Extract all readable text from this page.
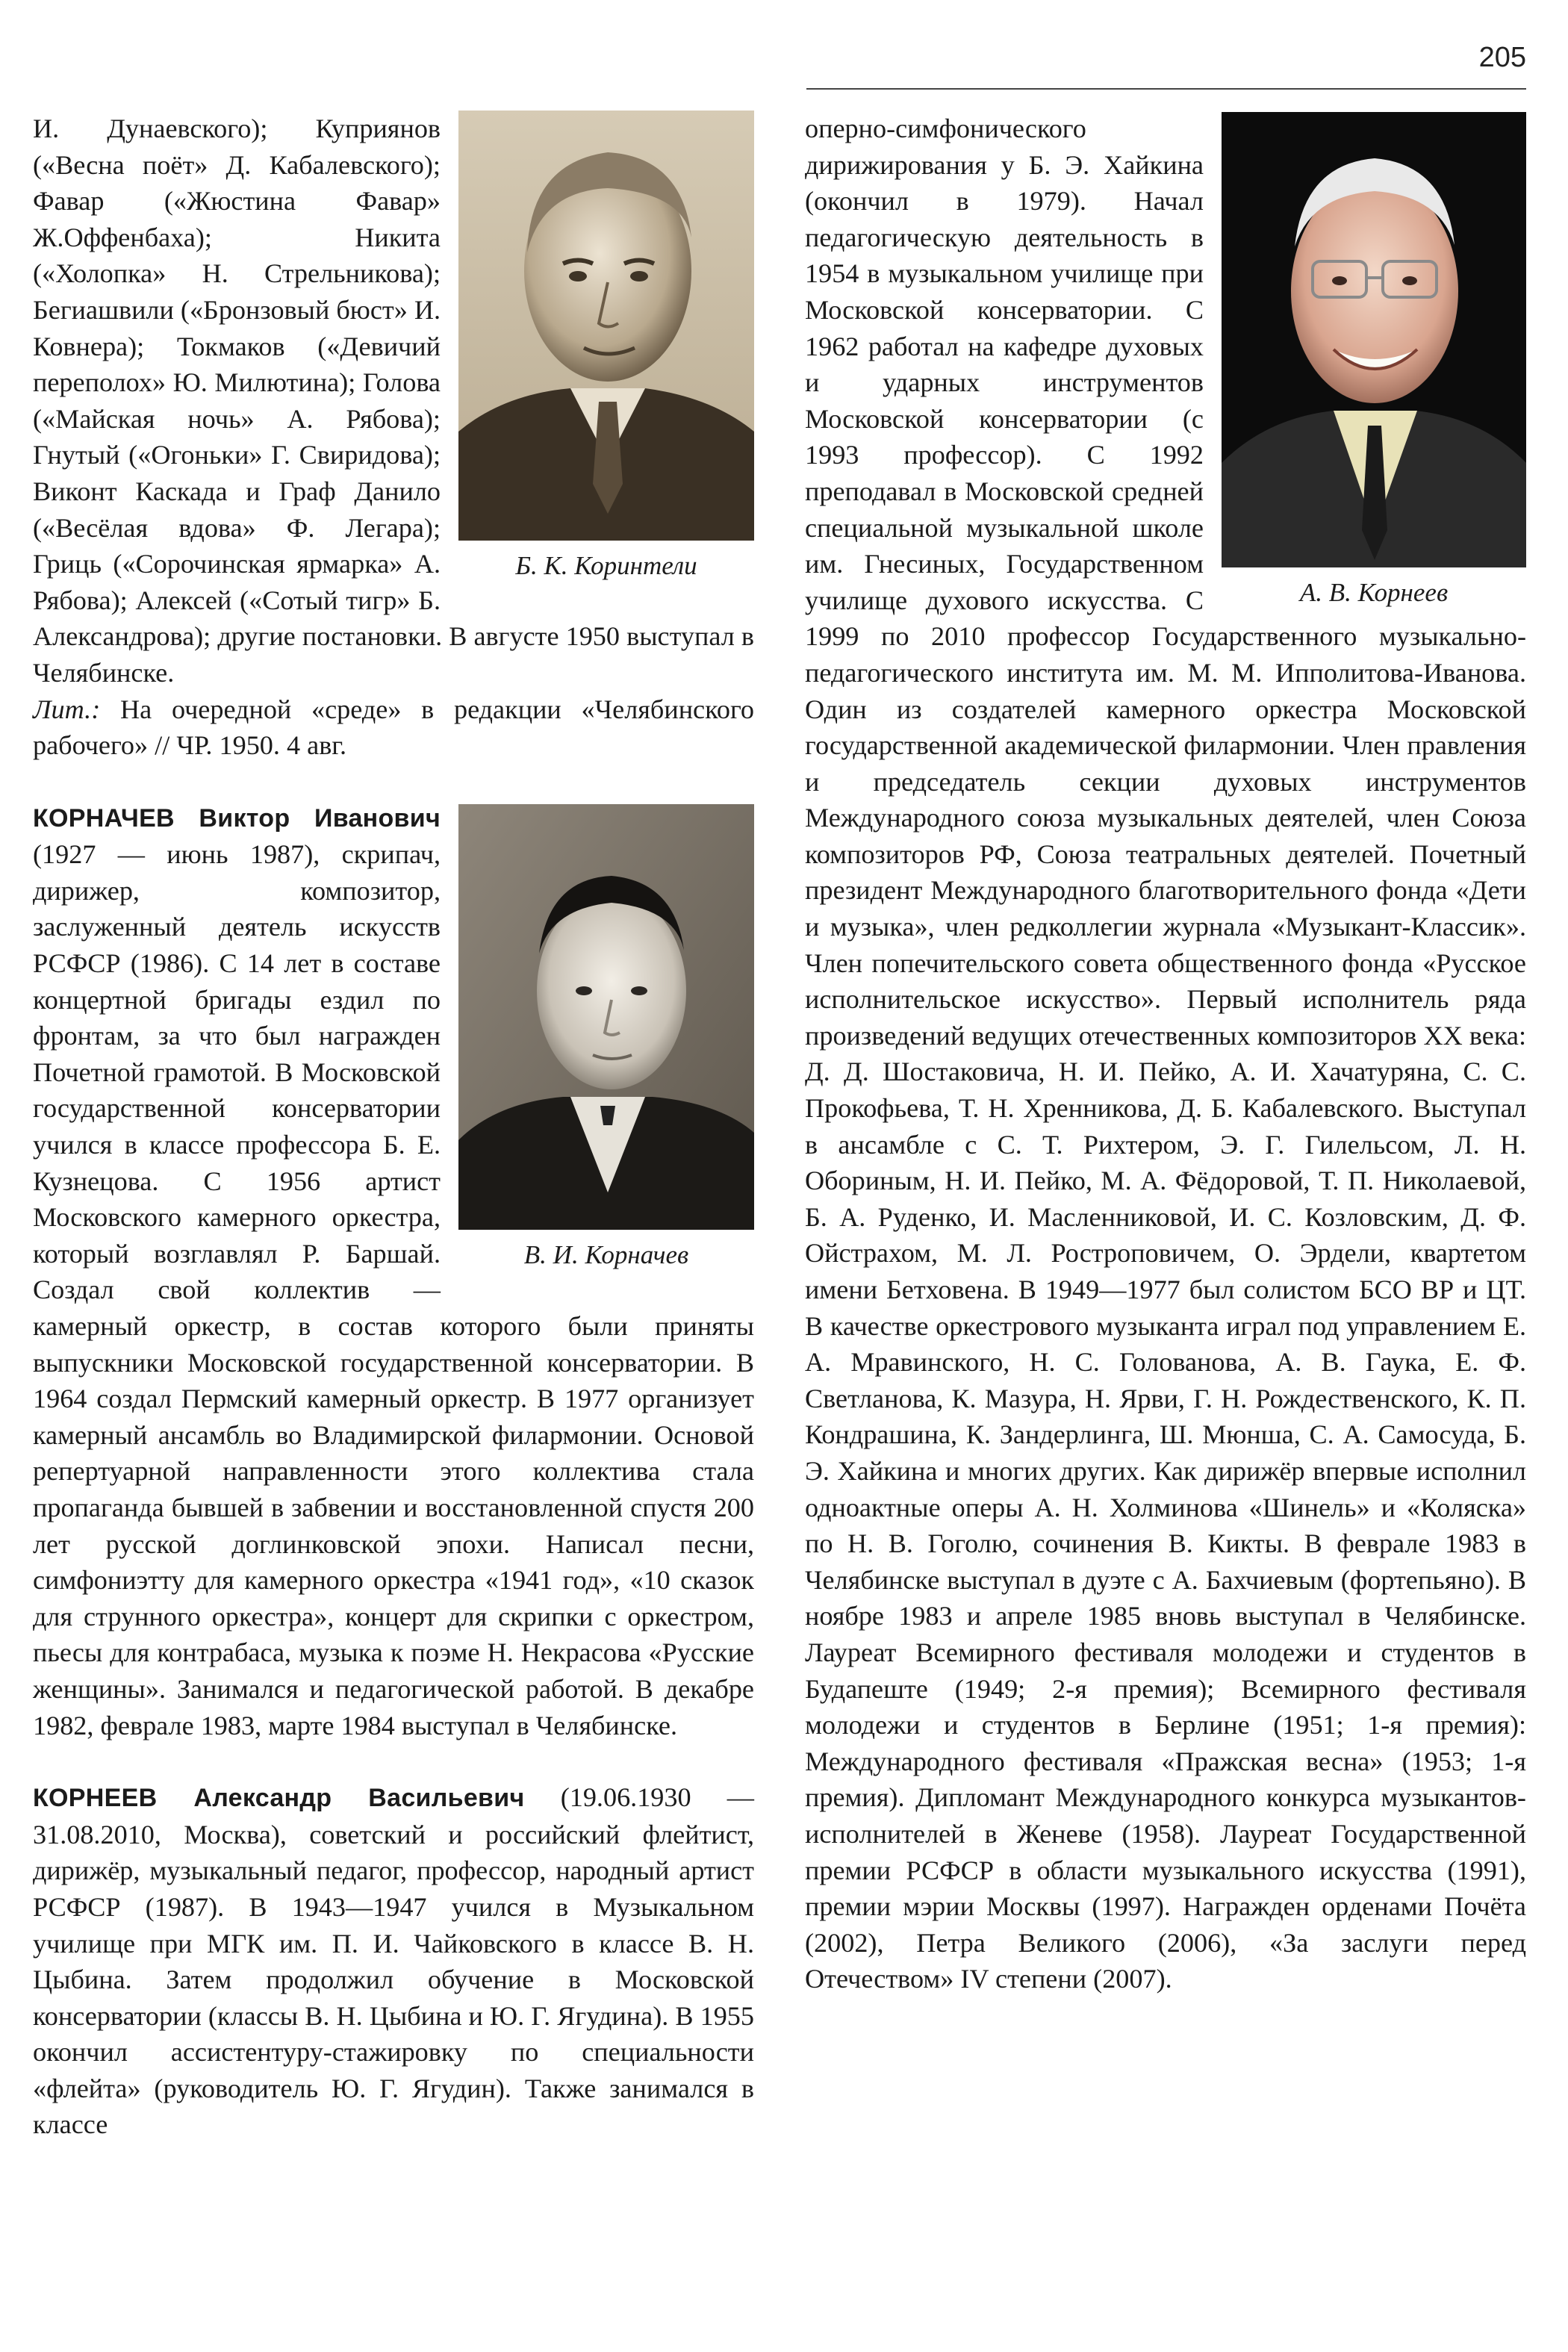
205
Б. К. Коринтели

И. Дунаевского); Куприянов («Весна поёт» Д. Кабалевского); Фавар («Жюстина Фавар» Ж.Оффенбаха); Никита («Холопка» Н. Стрельникова); Бегиашвили («Бронзовый бюст» И. Ковнера); Токмаков («Девичий переполох» Ю. Милютина); Голова («Майская ночь» А. Рябова); Гнутый («Огоньки» Г. Свиридова); Виконт Каскада и Граф Данило («Весёлая вдова» Ф. Легара); Гриць («Сорочинская ярмарка» А. Рябова); Алексей («Сотый тигр» Б. Александрова); другие постановки. В августе 1950 выступал в Челябинске.

Лит.: На очередной «среде» в редакции «Челябинского рабочего» // ЧР. 1950. 4 авг.

В. И. Корначев
КОРНАЧЕВ Виктор Иванович (1927 — июнь 1987), скрипач, дирижер, композитор, заслуженный деятель искусств РСФСР (1986). С 14 лет в составе концертной бригады ездил по фронтам, за что был награжден Почетной грамотой. В Московской государственной консерватории учился в классе профессора Б. Е. Кузнецова. С 1956 артист Московского камерного оркестра, который возглавлял Р. Баршай. Создал свой коллектив — камерный оркестр, в состав которого были приняты выпускники Московской государственной консерватории. В 1964 создал Пермский камерный оркестр. В 1977 организует камерный ансамбль во Владимирской филармонии. Основой репертуарной направленности этого коллектива стала пропаганда бывшей в забвении и восстановленной спустя 200 лет русской доглинковской эпохи. Написал песни, симфониэтту для камерного оркестра «1941 год», «10 сказок для струнного оркестра», концерт для скрипки с оркестром, пьесы для контрабаса, музыка к поэме Н. Некрасова «Русские женщины». Занимался и педагогической работой. В декабре 1982, феврале 1983, марте 1984 выступал в Челябинске.

КОРНЕЕВ Александр Васильевич (19.06.1930 — 31.08.2010, Москва), советский и российский флейтист, дирижёр, музыкальный педагог, профессор, народный артист РСФСР (1987). В 1943—1947 учился в Музыкальном училище при МГК им. П. И. Чайковского в классе В. Н. Цыбина. Затем продолжил обучение в Московской консерватории (классы В. Н. Цыбина и Ю. Г. Ягудина). В 1955 окончил ассистентуру-стажировку по специальности «флейта» (руководитель Ю. Г. Ягудин). Также занимался в классе

А. В. Корнеев

оперно-симфонического дирижирования у Б. Э. Хайкина (окончил в 1979). Начал педагогическую деятельность в 1954 в музыкальном училище при Московской консерватории. С 1962 работал на кафедре духовых и ударных инструментов Московской консерватории (с 1993 профессор). С 1992 преподавал в Московской средней специальной музыкальной школе им. Гнесиных, Государственном училище духового искусства. С 1999 по 2010 профессор Государственного музыкально-педагогического института им. М. М. Ипполитова-Иванова. Один из создателей камерного оркестра Московской государственной академической филармонии. Член правления и председатель секции духовых инструментов Международного союза музыкальных деятелей, член Союза композиторов РФ, Союза театральных деятелей. Почетный президент Международного благотворительного фонда «Дети и музыка», член редколлегии журнала «Музыкант-Классик». Член попечительского совета общественного фонда «Русское исполнительское искусство». Первый исполнитель ряда произведений ведущих отечественных композиторов XX века: Д. Д. Шостаковича, Н. И. Пейко, А. И. Хачатуряна, С. С. Прокофьева, Т. Н. Хренникова, Д. Б. Кабалевского. Выступал в ансамбле с С. Т. Рихтером, Э. Г. Гилельсом, Л. Н. Обориным, Н. И. Пейко, М. А. Фёдоровой, Т. П. Николаевой, Б. А. Руденко, И. Масленниковой, И. С. Козловским, Д. Ф. Ойстрахом, М. Л. Ростроповичем, О. Эрдели, квартетом имени Бетховена. В 1949—1977 был солистом БСО ВР и ЦТ. В качестве оркестрового музыканта играл под управлением Е. А. Мравинского, Н. С. Голованова, А. В. Гаука, Е. Ф. Светланова, К. Мазура, Н. Ярви, Г. Н. Рождественского, К. П. Кондрашина, К. Зандерлинга, Ш. Мюнша, С. А. Самосуда, Б. Э. Хайкина и многих других. Как дирижёр впервые исполнил одноактные оперы А. Н. Холминова «Шинель» и «Коляска» по Н. В. Гоголю, сочинения В. Кикты. В феврале 1983 в Челябинске выступал в дуэте с А. Бахчиевым (фортепьяно). В ноябре 1983 и апреле 1985 вновь выступал в Челябинске. Лауреат Всемирного фестиваля молодежи и студентов в Будапеште (1949; 2-я премия); Всемирного фестиваля молодежи и студентов в Берлине (1951; 1-я премия): Международного фестиваля «Пражская весна» (1953; 1-я премия). Дипломант Международного конкурса музыкантов-исполнителей в Женеве (1958). Лауреат Государственной премии РСФСР в области музыкального искусства (1991), премии мэрии Москвы (1997). Награжден орденами Почёта (2002), Петра Великого (2006), «За заслуги перед Отечеством» IV степени (2007).
